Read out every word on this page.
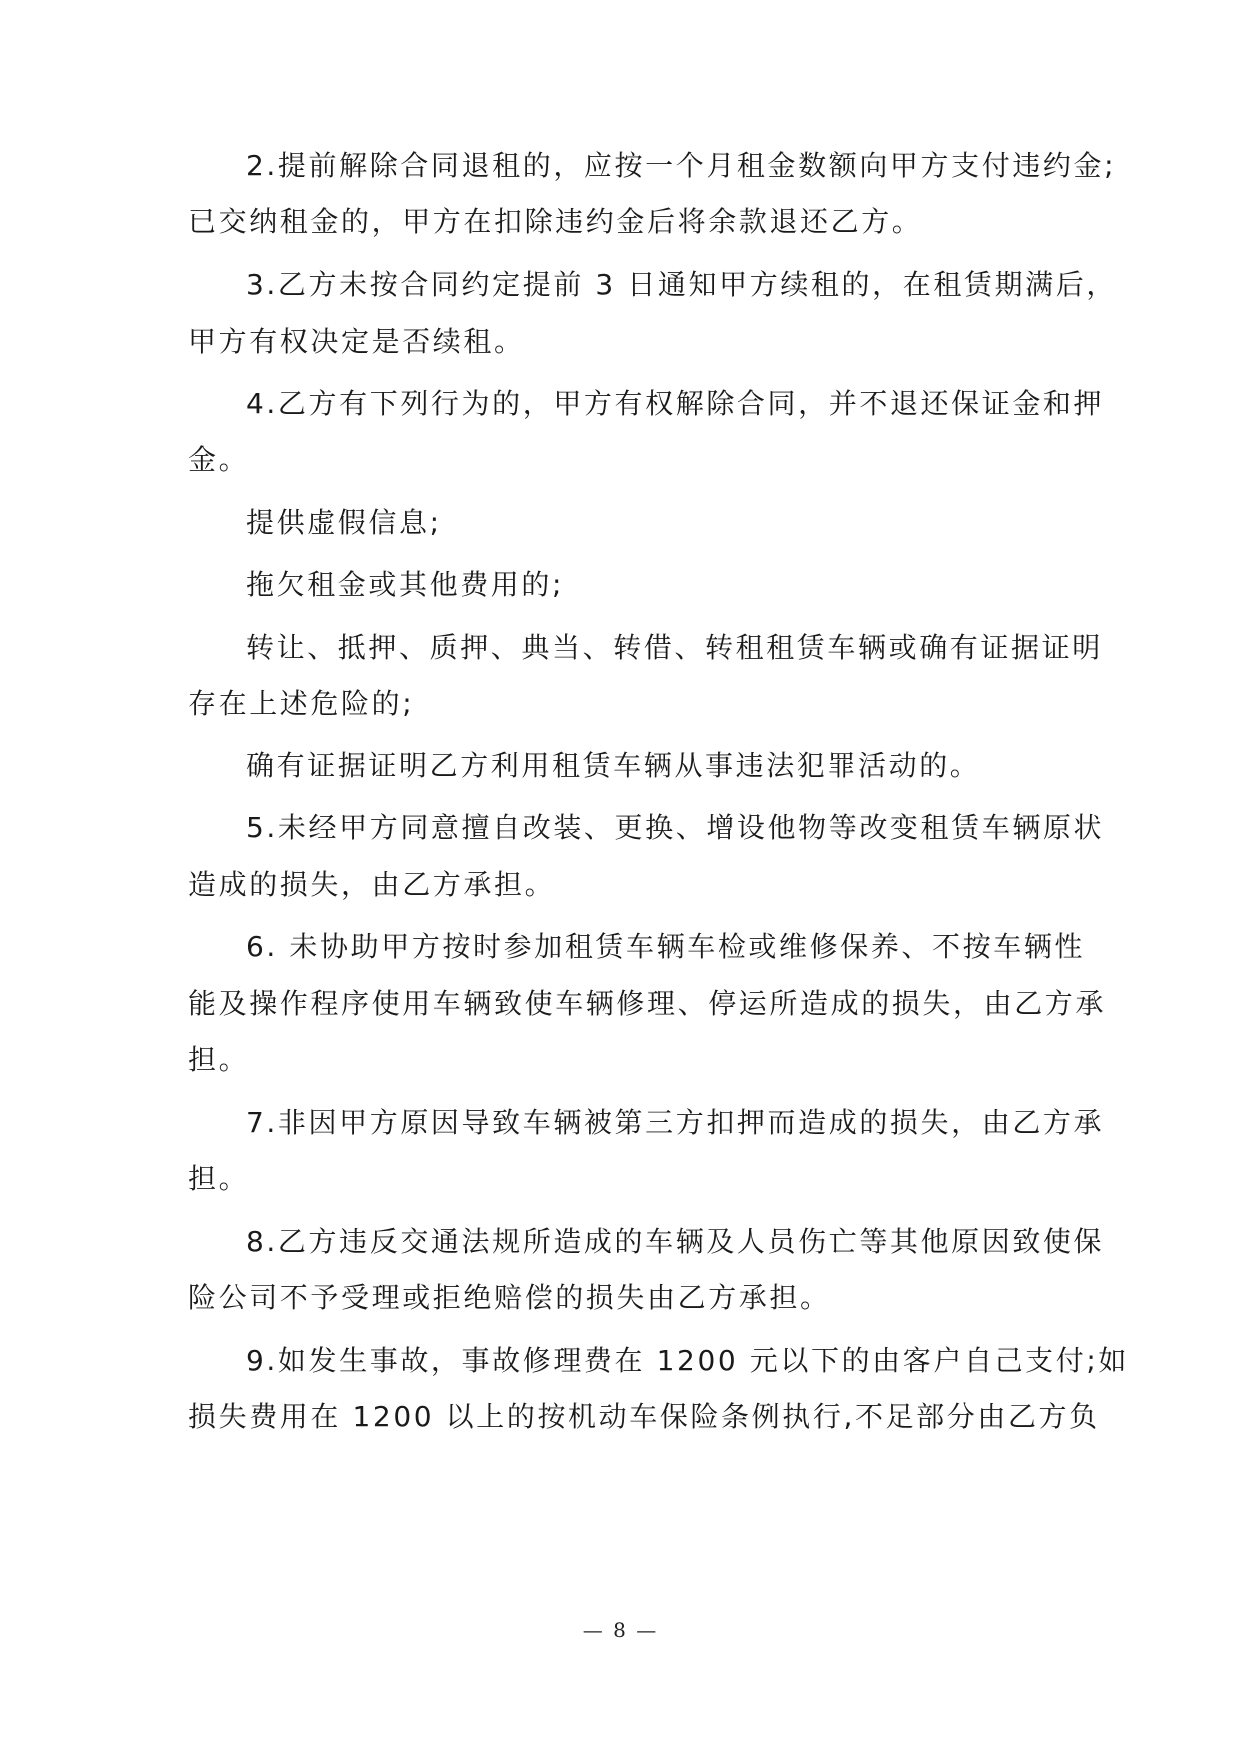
2.提前解除合同退租的，应按一个月租金数额向甲方支付违约金;
已交纳租金的，甲方在扣除违约金后将余款退还乙方。
3.乙方未按合同约定提前 3 日通知甲方续租的，在租赁期满后，
甲方有权决定是否续租。
4.乙方有下列行为的，甲方有权解除合同，并不退还保证金和押
金。
提供虚假信息;
拖欠租金或其他费用的;
转让、抵押、质押、典当、转借、转租租赁车辆或确有证据证明
存在上述危险的;
确有证据证明乙方利用租赁车辆从事违法犯罪活动的。
5.未经甲方同意擅自改装、更换、增设他物等改变租赁车辆原状
造成的损失，由乙方承担。
6. 未协助甲方按时参加租赁车辆车检或维修保养、不按车辆性
能及操作程序使用车辆致使车辆修理、停运所造成的损失，由乙方承
担。
7.非因甲方原因导致车辆被第三方扣押而造成的损失，由乙方承
担。
8.乙方违反交通法规所造成的车辆及人员伤亡等其他原因致使保
险公司不予受理或拒绝赔偿的损失由乙方承担。
9.如发生事故，事故修理费在 1200 元以下的由客户自己支付;如
损失费用在 1200 以上的按机动车保险条例执行,不足部分由乙方负
— 8 —
